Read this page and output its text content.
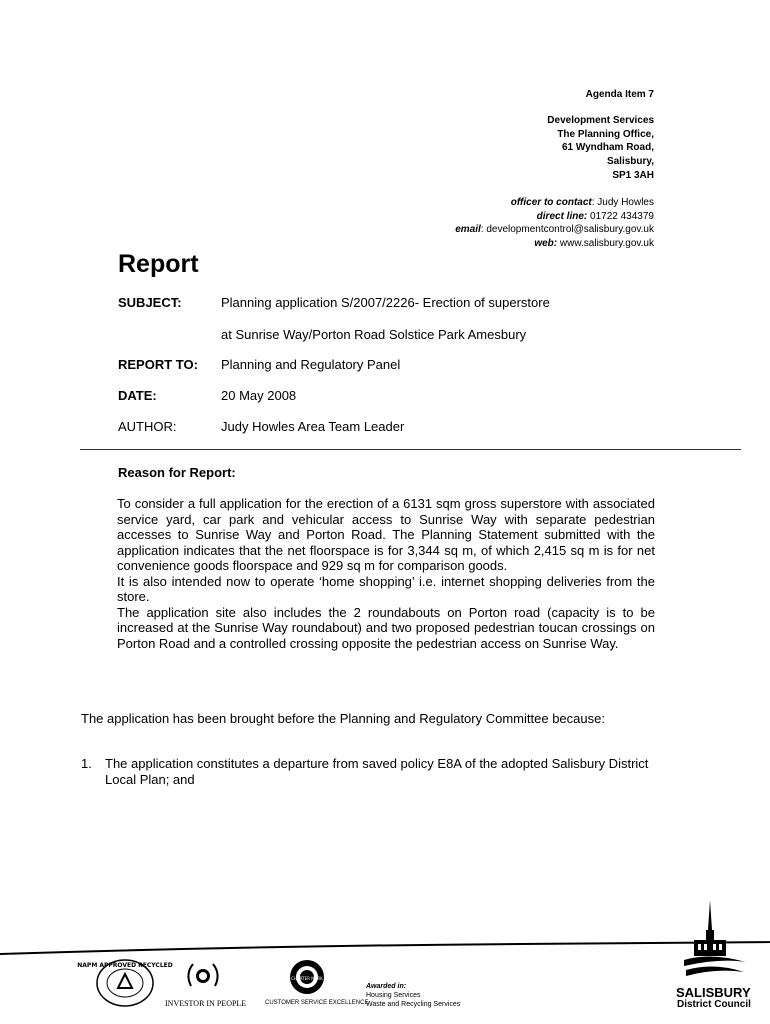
Agenda Item 7
Development Services
The Planning Office,
61 Wyndham Road,
Salisbury,
SP1 3AH
officer to contact: Judy Howles
direct line: 01722 434379
email: developmentcontrol@salisbury.gov.uk
web: www.salisbury.gov.uk
Report
SUBJECT:	Planning application S/2007/2226- Erection of superstore
at Sunrise Way/Porton Road Solstice Park Amesbury
REPORT TO: Planning and Regulatory Panel
DATE:	20 May 2008
AUTHOR:	Judy Howles Area Team Leader
Reason for Report:

To consider a full application for the erection of a 6131 sqm gross superstore with associated service yard, car park and vehicular access to Sunrise Way with separate pedestrian accesses to Sunrise Way and Porton Road. The Planning Statement submitted with the application indicates that the net floorspace is for 3,344 sq m, of which 2,415 sq m is for net convenience goods floorspace and 929 sq m for comparison goods.

It is also intended now to operate ‘home shopping’ i.e. internet shopping deliveries from the store.

The application site also includes the 2 roundabouts on Porton road (capacity is to be increased at the Sunrise Way roundabout) and two proposed pedestrian toucan crossings on Porton Road and a controlled crossing opposite the pedestrian access on Sunrise Way.

The application has been brought before the Planning and Regulatory Committee because:
1. The application constitutes a departure from saved policy E8A of the adopted Salisbury District Local Plan; and
NAPM APPROVED RECYCLED
INVESTOR IN PEOPLE
CHARTER MARK
CUSTOMER SERVICE EXCELLENCE
Awarded in:
Housing Services
Waste and Recycling Services
SALISBURY
District Council
